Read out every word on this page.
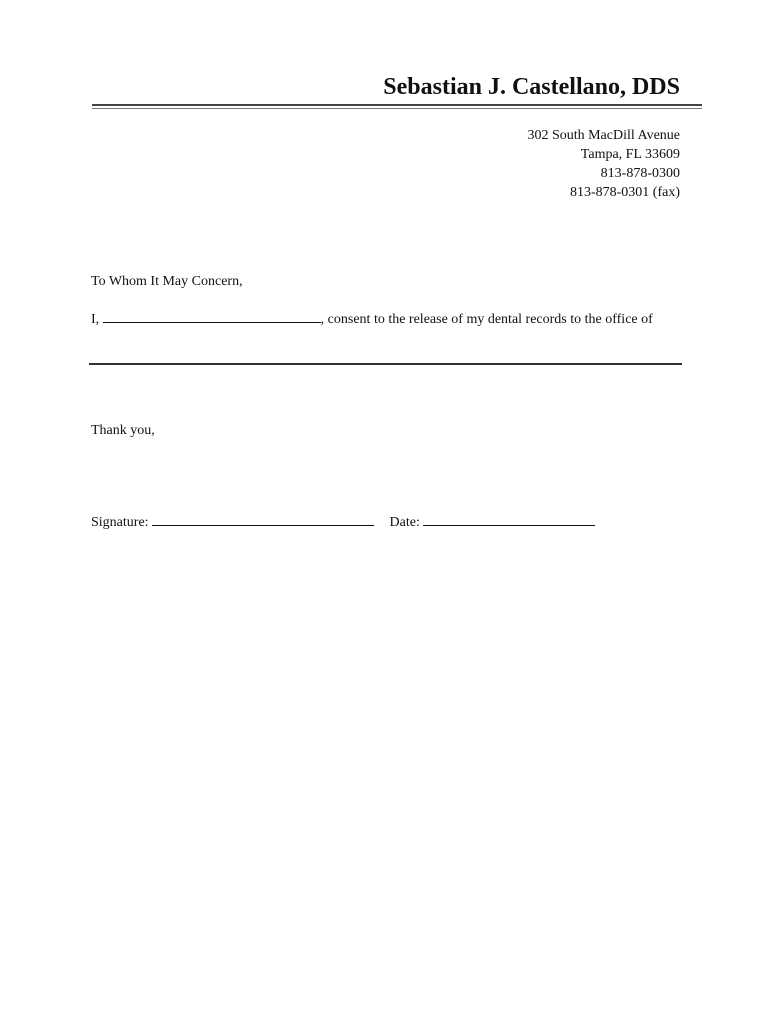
Sebastian J. Castellano, DDS
302 South MacDill Avenue
Tampa, FL 33609
813-878-0300
813-878-0301 (fax)
To Whom It May Concern,
I,	, consent to the release of my dental records to the office of
Thank you,
Signature:	Date:
